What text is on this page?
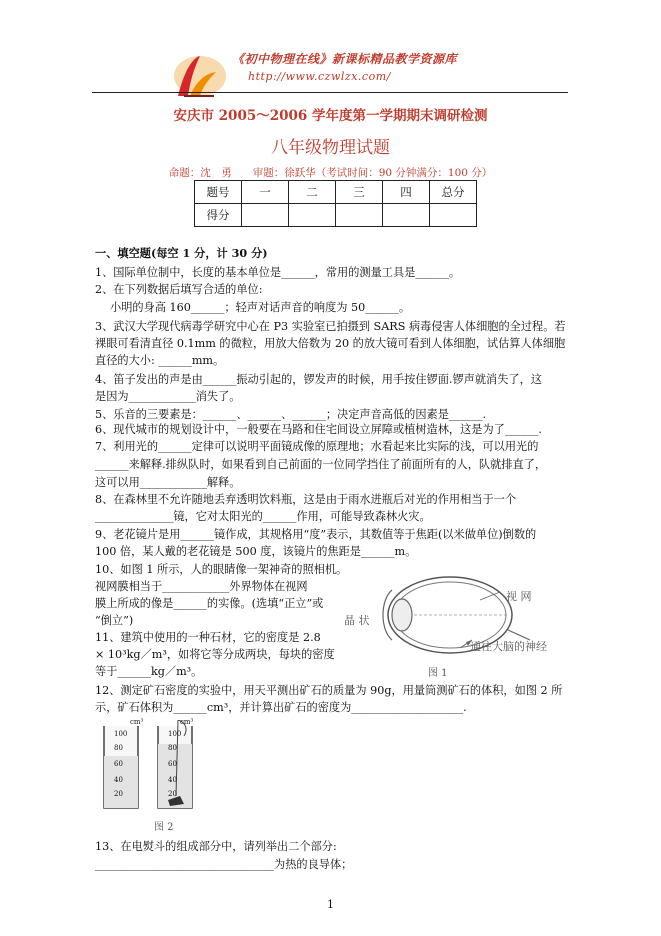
《初中物理在线》新课标精品教学资源库
http://www.czwlzx.com/
安庆市 2005～2006 学年度第一学期期末调研检测
八年级物理试题
命题：沈　勇　　审题：徐跃华（考试时间：90 分钟满分：100 分）
题号	一	二	三	四	总分
得分					
一、填空题(每空 1 分，计 30 分)
1、国际单位制中，长度的基本单位是______，常用的测量工具是______。
2、在下列数据后填写合适的单位:
小明的身高 160______；轻声对话声音的响度为 50______。
3、武汉大学现代病毒学研究中心在 P3 实验室已拍摄到 SARS 病毒侵害人体细胞的全过程。若
裸眼可看清直径 0.1mm 的微粒，用放大倍数为 20 的放大镜可看到人体细胞，试估算人体细胞
直径的大小: ______mm。
4、笛子发出的声是由______振动引起的，锣发声的时候，用手按住锣面.锣声就消失了，这
是因为____________消失了。
5、乐音的三要素是：______、______、______；决定声音高低的因素是______.
6、现代城市的规划设计中，一般要在马路和住宅间设立屏障或植树造林，这是为了______.
7、利用光的______定律可以说明平面镜成像的原理地；水看起来比实际的浅，可以用光的
______来解释.排纵队时，如果看到自己前面的一位同学挡住了前面所有的人，队就排直了，
这可以用____________解释。
8、在森林里不允许随地丢弃透明饮料瓶，这是由于雨水进瓶后对光的作用相当于一个
______________镜，它对太阳光的______作用，可能导致森林火灾。
9、老花镜片是用______镜作成，其规格用“度”表示，其数值等于焦距(以米做单位)倒数的
100 倍，某人戴的老花镜是 500 度，该镜片的焦距是______m。
10、如图 1 所示，人的眼睛像一架神奇的照相机。
视网膜相当于____________外界物体在视网
膜上所成的像是______的实像。(选填“正立”或
“倒立”)
11、建筑中使用的一种石材，它的密度是 2.8
× 10³kg／m³，如将它等分成两块，每块的密度
等于______kg／m³。
12、测定矿石密度的实验中，用天平测出矿石的质量为 90g，用量筒测矿石的体积，如图 2 所
示，矿石体积为______cm³，并计算出矿石的密度为____________________.
13、在电熨斗的组成部分中，请列举出二个部分:
________________________________为热的良导体；
晶 状
视 网
通往大脑的神经
图 1
100
80
60
40
20
100
80
60
40
20
cm³	cm³
图 2
1
